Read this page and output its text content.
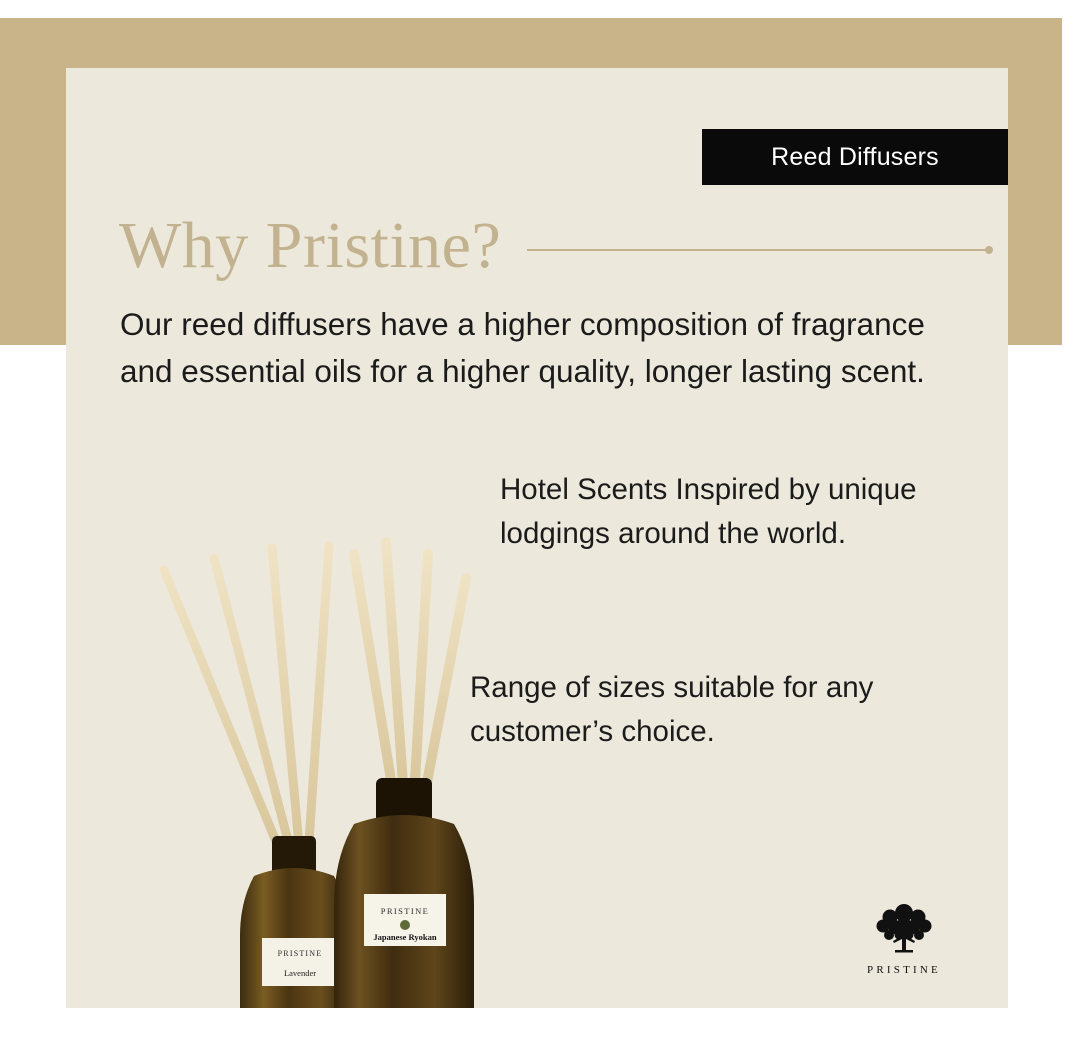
Reed Diffusers
Why Pristine?
Our reed diffusers have a higher composition of fragrance and essential oils for a higher quality, longer lasting scent.
Hotel Scents Inspired by unique lodgings around the world.
Range of sizes suitable for any customer’s choice.
PRISTINE
Lavender
PRISTINE
Japanese Ryokan
PRISTINE
